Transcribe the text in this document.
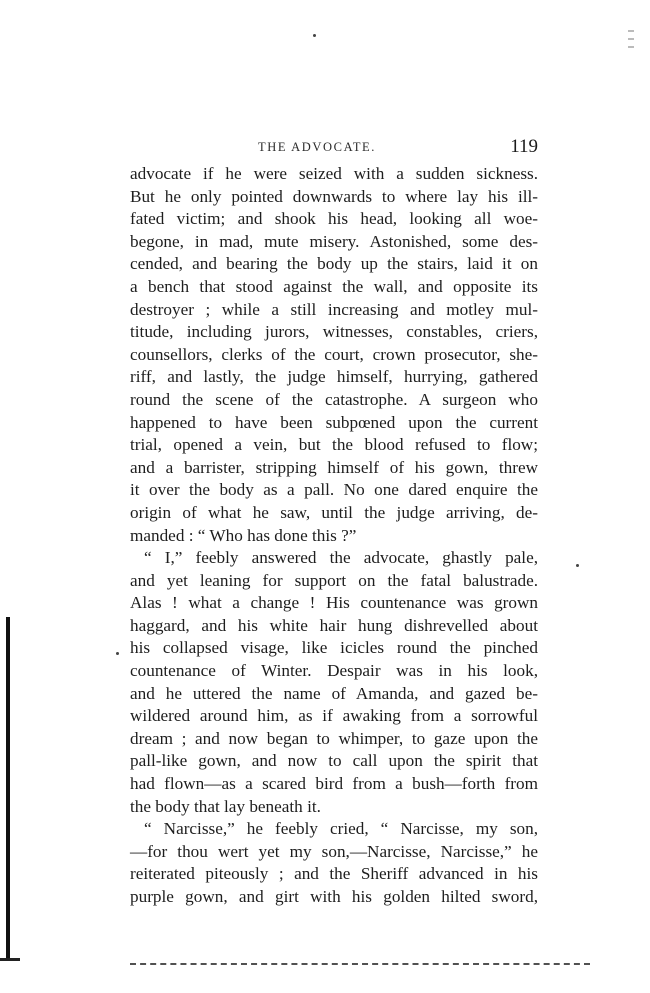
THE ADVOCATE.	119
advocate if he were seized with a sudden sickness.
But he only pointed downwards to where lay his ill-
fated victim; and shook his head, looking all woe-
begone, in mad, mute misery. Astonished, some des-
cended, and bearing the body up the stairs, laid it on
a bench that stood against the wall, and opposite its
destroyer ; while a still increasing and motley mul-
titude, including jurors, witnesses, constables, criers,
counsellors, clerks of the court, crown prosecutor, she-
riff, and lastly, the judge himself, hurrying, gathered
round the scene of the catastrophe. A surgeon who
happened to have been subpœned upon the current
trial, opened a vein, but the blood refused to flow;
and a barrister, stripping himself of his gown, threw
it over the body as a pall. No one dared enquire the
origin of what he saw, until the judge arriving, de-
manded : “ Who has done this ?”
“ I,” feebly answered the advocate, ghastly pale,
and yet leaning for support on the fatal balustrade.
Alas ! what a change ! His countenance was grown
haggard, and his white hair hung dishrevelled about
his collapsed visage, like icicles round the pinched
countenance of Winter. Despair was in his look,
and he uttered the name of Amanda, and gazed be-
wildered around him, as if awaking from a sorrowful
dream ; and now began to whimper, to gaze upon the
pall-like gown, and now to call upon the spirit that
had flown—as a scared bird from a bush—forth from
the body that lay beneath it.
“ Narcisse,” he feebly cried, “ Narcisse, my son,
—for thou wert yet my son,—Narcisse, Narcisse,” he
reiterated piteously ; and the Sheriff advanced in his
purple gown, and girt with his golden hilted sword,
